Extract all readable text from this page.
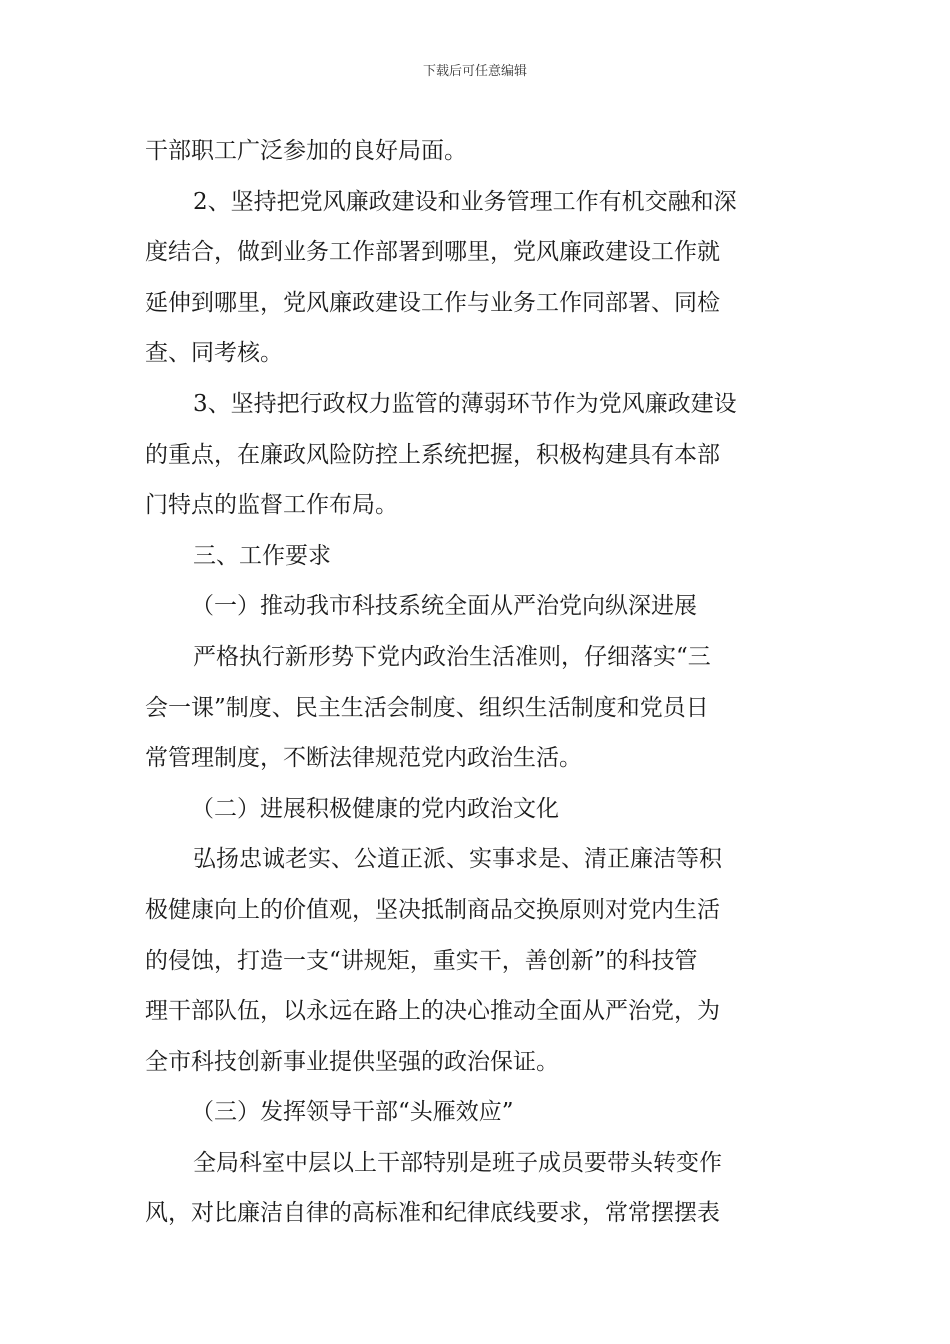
下载后可任意编辑
干部职工广泛参加的良好局面。
2、坚持把党风廉政建设和业务管理工作有机交融和深
度结合，做到业务工作部署到哪里，党风廉政建设工作就
延伸到哪里，党风廉政建设工作与业务工作同部署、同检
查、同考核。
3、坚持把行政权力监管的薄弱环节作为党风廉政建设
的重点，在廉政风险防控上系统把握，积极构建具有本部
门特点的监督工作布局。
三、工作要求
（一）推动我市科技系统全面从严治党向纵深进展
严格执行新形势下党内政治生活准则，仔细落实“三
会一课”制度、民主生活会制度、组织生活制度和党员日
常管理制度，不断法律规范党内政治生活。
（二）进展积极健康的党内政治文化
弘扬忠诚老实、公道正派、实事求是、清正廉洁等积
极健康向上的价值观，坚决抵制商品交换原则对党内生活
的侵蚀，打造一支“讲规矩，重实干，善创新”的科技管
理干部队伍，以永远在路上的决心推动全面从严治党，为
全市科技创新事业提供坚强的政治保证。
（三）发挥领导干部“头雁效应”
全局科室中层以上干部特别是班子成员要带头转变作
风，对比廉洁自律的高标准和纪律底线要求，常常摆摆表
